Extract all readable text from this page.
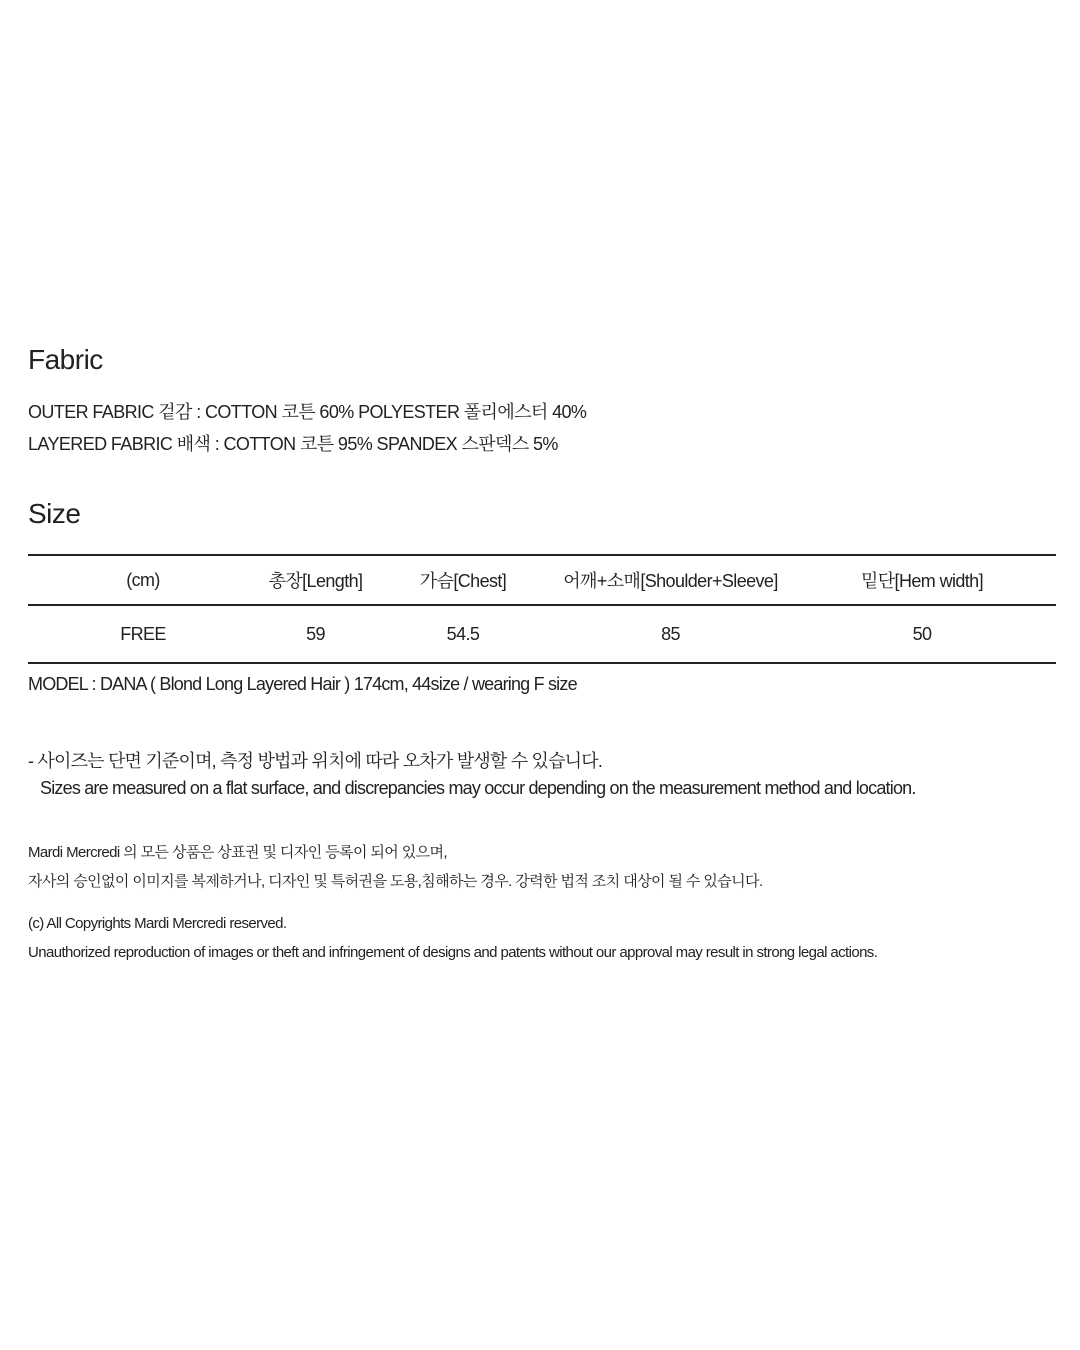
Fabric
OUTER FABRIC 겉감 : COTTON 코튼 60% POLYESTER 폴리에스터 40%
LAYERED FABRIC 배색 : COTTON 코튼 95% SPANDEX 스판덱스 5%
Size
(cm)	총장[Length]	가슴[Chest]	어깨+소매[Shoulder+Sleeve]	밑단[Hem width]
FREE	59	54.5	85	50
MODEL : DANA ( Blond Long Layered Hair ) 174cm, 44size / wearing F size
- 사이즈는 단면 기준이며, 측정 방법과 위치에 따라 오차가 발생할 수 있습니다.
Sizes are measured on a flat surface, and discrepancies may occur depending on the measurement method and location.
Mardi Mercredi 의 모든 상품은 상표권 및 디자인 등록이 되어 있으며,
자사의 승인없이 이미지를 복제하거나, 디자인 및 특허권을 도용,침해하는 경우. 강력한 법적 조치 대상이 될 수 있습니다.
(c) All Copyrights Mardi Mercredi reserved.
Unauthorized reproduction of images or theft and infringement of designs and patents without our approval may result in strong legal actions.
